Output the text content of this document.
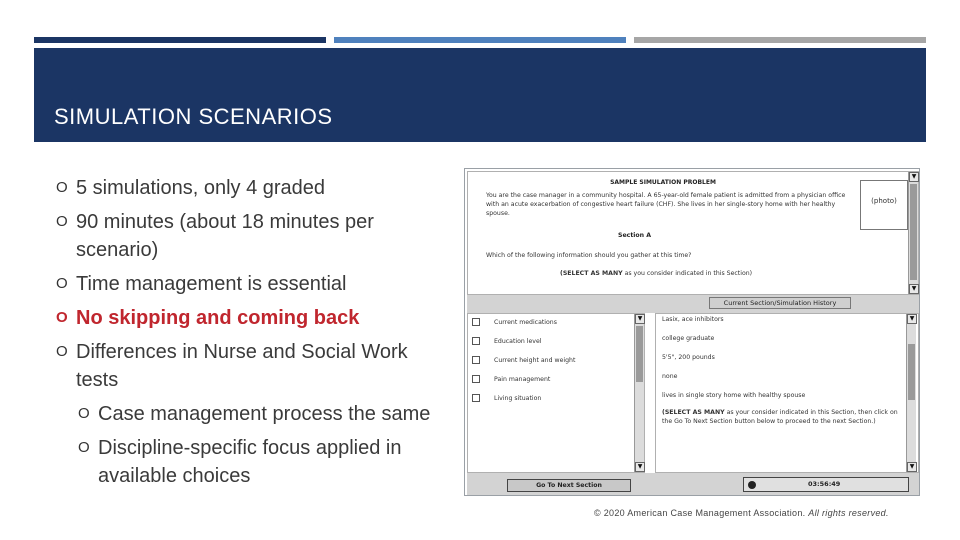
SIMULATION SCENARIOS
Ο 5 simulations, only 4 graded
Ο 90 minutes (about 18 minutes per scenario)
Ο Time management is essential
Ο No skipping and coming back
Ο Differences in Nurse and Social Work tests
Ο Case management process the same
Ο Discipline-specific focus applied in available choices
SAMPLE SIMULATION PROBLEM
You are the case manager in a community hospital. A 65-year-old female patient is admitted from a physician office with an acute exacerbation of congestive heart failure (CHF). She lives in her single-story home with her healthy spouse.
(photo)
Section A
Which of the following information should you gather at this time?
(SELECT AS MANY as you consider indicated in this Section)
▼
▼
Current Section/Simulation History
Current medications
Education level
Current height and weight
Pain management
Living situation
▼
▼
Lasix, ace inhibitors
college graduate
5'5", 200 pounds
none
lives in single story home with healthy spouse
(SELECT AS MANY as your consider indicated in this Section, then click on the Go To Next Section button below to proceed to the next Section.)
▼
▼
Go To Next Section	03:56:49
© 2020 American Case Management Association. All rights reserved.
